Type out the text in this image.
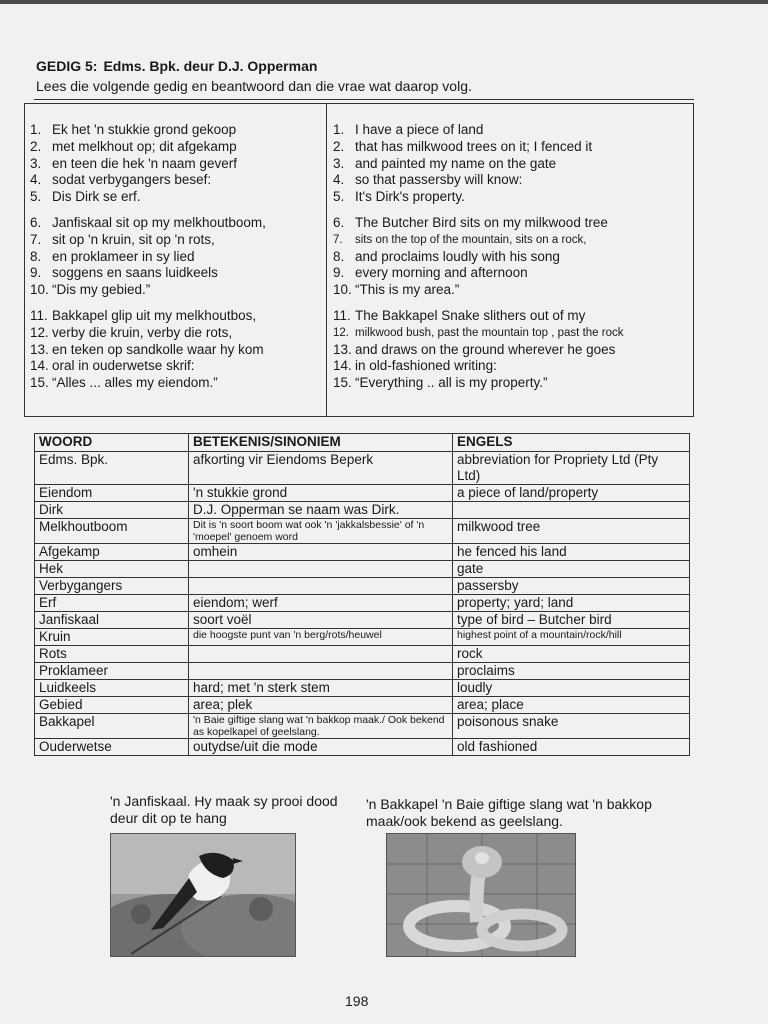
GEDIG 5: Edms. Bpk. deur D.J. Opperman
Lees die volgende gedig en beantwoord dan die vrae wat daarop volg.
1. Ek het 'n stukkie grond gekoop
2. met melkhout op; dit afgekamp
3. en teen die hek 'n naam geverf
4. sodat verbygangers besef:
5. Dis Dirk se erf.
6. Janfiskaal sit op my melkhoutboom,
7. sit op 'n kruin, sit op 'n rots,
8. en proklameer in sy lied
9. soggens en saans luidkeels
10. “Dis my gebied.”
11. Bakkapel glip uit my melkhoutbos,
12. verby die kruin, verby die rots,
13. en teken op sandkolle waar hy kom
14. oral in ouderwetse skrif:
15. “Alles ... alles my eiendom.”
1. I have a piece of land
2. that has milkwood trees on it; I fenced it
3. and painted my name on the gate
4. so that passersby will know:
5. It's Dirk's property.
6. The Butcher Bird sits on my milkwood tree
7. sits on the top of the mountain, sits on a rock,
8. and proclaims loudly with his song
9. every morning and afternoon
10. “This is my area.”
11. The Bakkapel Snake slithers out of my
12. milkwood bush, past the mountain top , past the rock
13. and draws on the ground wherever he goes
14. in old-fashioned writing:
15. “Everything .. all is my property.”
WOORD	BETEKENIS/SINONIEM	ENGELS
Edms. Bpk.	afkorting vir Eiendoms Beperk	abbreviation for Propriety Ltd (Pty Ltd)
Eiendom	'n stukkie grond	a piece of land/property
Dirk	D.J. Opperman se naam was Dirk.	
Melkhoutboom	Dit is 'n soort boom wat ook 'n 'jakkalsbessie' of 'n 'moepel' genoem word	milkwood tree
Afgekamp	omhein	he fenced his land
Hek		gate
Verbygangers		passersby
Erf	eiendom; werf	property; yard; land
Janfiskaal	soort voël	type of bird – Butcher bird
Kruin	die hoogste punt van 'n berg/rots/heuwel	highest point of a mountain/rock/hill
Rots		rock
Proklameer		proclaims
Luidkeels	hard; met 'n sterk stem	loudly
Gebied	area; plek	area; place
Bakkapel	'n Baie giftige slang wat 'n bakkop maak./ Ook bekend as kopelkapel of geelslang.	poisonous snake
Ouderwetse	outydse/uit die mode	old fashioned
'n Janfiskaal. Hy maak sy prooi dood deur dit op te hang
'n Bakkapel 'n Baie giftige slang wat 'n bakkop maak/ook bekend as geelslang.
198
